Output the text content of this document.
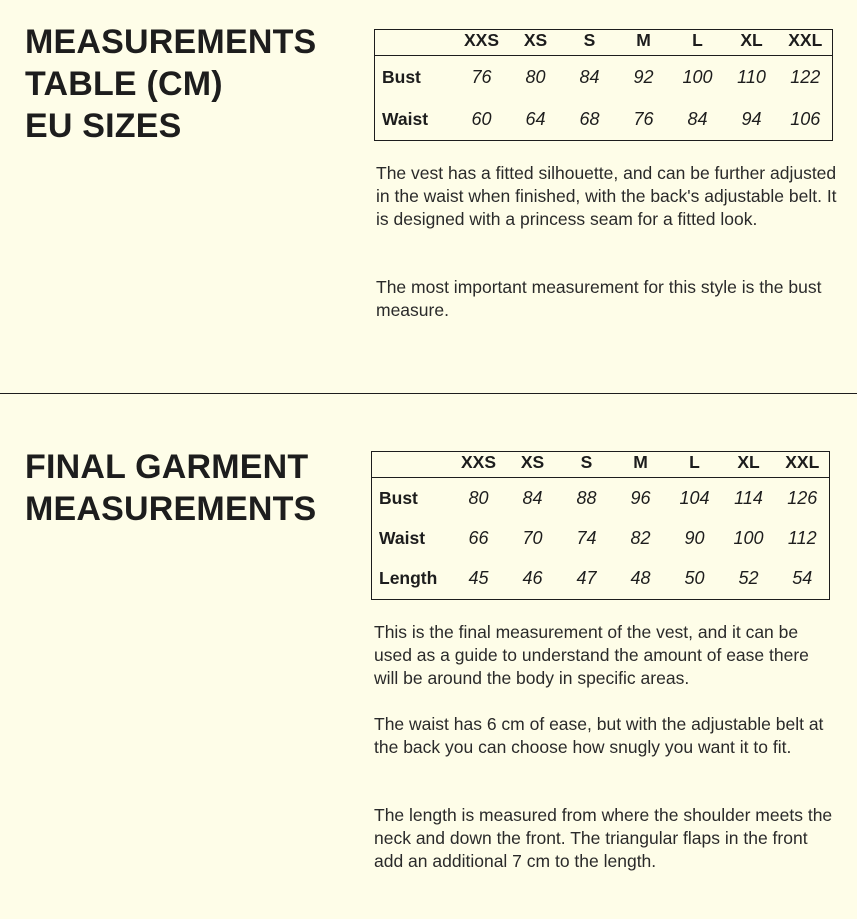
MEASUREMENTS
TABLE (CM)
EU SIZES
	XXS	XS	S	M	L	XL	XXL
Bust	76	80	84	92	100	110	122
Waist	60	64	68	76	84	94	106

The vest has a fitted silhouette, and can be further adjusted in the waist when finished, with the back's adjustable belt. It is designed with a princess seam for a fitted look.

The most important measurement for this style is the bust measure.

FINAL GARMENT
MEASUREMENTS
	XXS	XS	S	M	L	XL	XXL
Bust	80	84	88	96	104	114	126
Waist	66	70	74	82	90	100	112
Length	45	46	47	48	50	52	54

This is the final measurement of the vest, and it can be used as a guide to understand the amount of ease there will be around the body in specific areas.

The waist has 6 cm of ease, but with the adjustable belt at the back you can choose how snugly you want it to fit.

The length is measured from where the shoulder meets the neck and down the front. The triangular flaps in the front add an additional 7 cm to the length.
